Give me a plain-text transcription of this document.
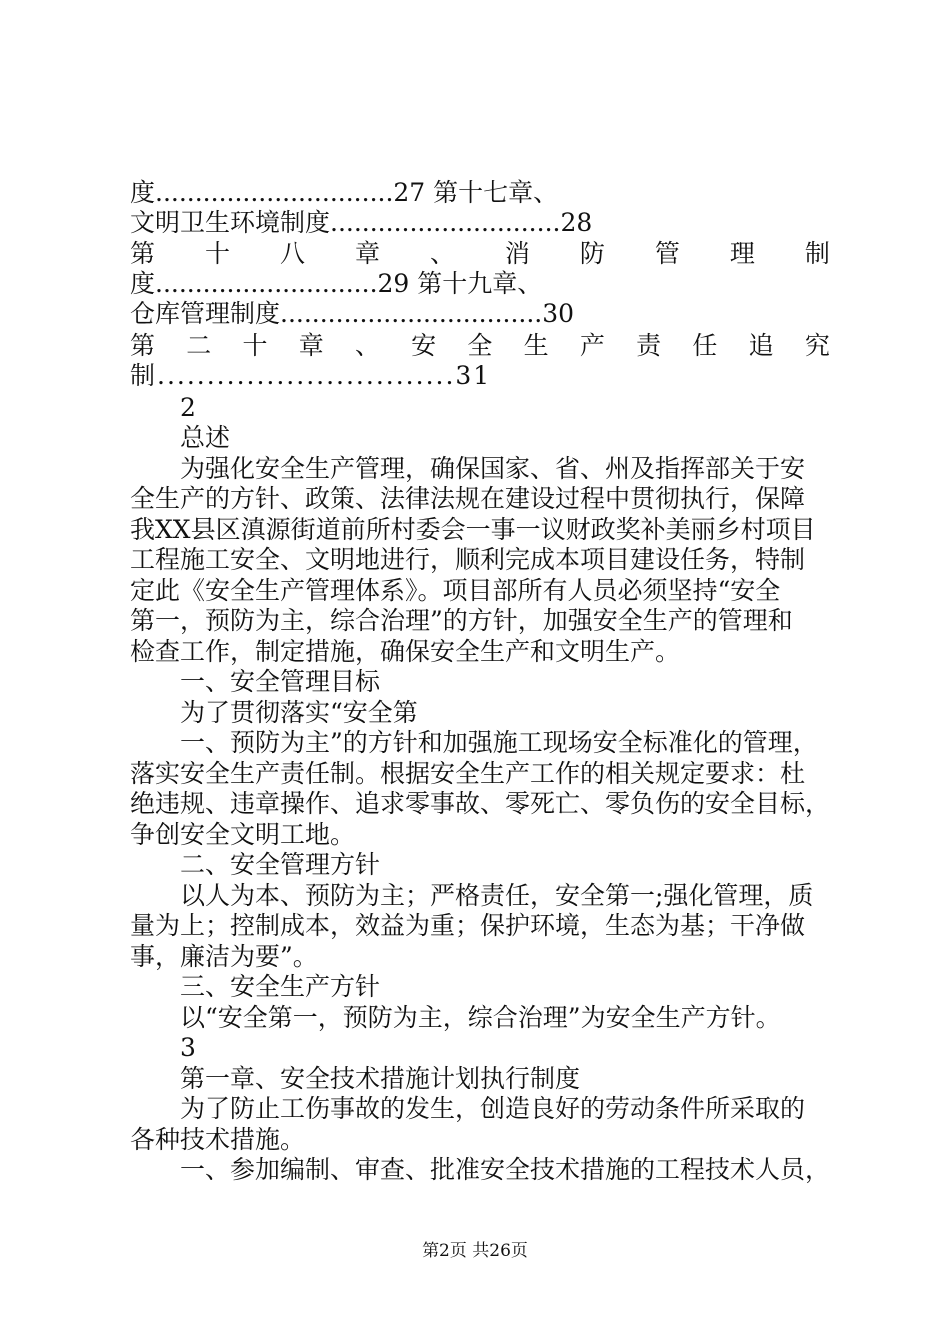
度..............................27 第十七章、
文明卫生环境制度.............................28
第 十 八 章 、 消 防 管 理 制
度............................29 第十九章、
仓库管理制度.................................30
第 二 十 章 、 安 全 生 产 责 任 追 究
制..............................31
2
总述
为强化安全生产管理，确保国家、省、州及指挥部关于安
全生产的方针、政策、法律法规在建设过程中贯彻执行，保障
我XX县区滇源街道前所村委会一事一议财政奖补美丽乡村项目
工程施工安全、文明地进行，顺利完成本项目建设任务，特制
定此《安全生产管理体系》。项目部所有人员必须坚持“安全
第一，预防为主，综合治理”的方针，加强安全生产的管理和
检查工作，制定措施，确保安全生产和文明生产。
一、安全管理目标
为了贯彻落实“安全第
一、预防为主”的方针和加强施工现场安全标准化的管理，
落实安全生产责任制。根据安全生产工作的相关规定要求：杜
绝违规、违章操作、追求零事故、零死亡、零负伤的安全目标，
争创安全文明工地。
二、安全管理方针
以人为本、预防为主；严格责任，安全第一;强化管理，质
量为上；控制成本，效益为重；保护环境，生态为基；干净做
事，廉洁为要”。
三、安全生产方针
以“安全第一，预防为主，综合治理”为安全生产方针。
3
第一章、安全技术措施计划执行制度
为了防止工伤事故的发生，创造良好的劳动条件所采取的
各种技术措施。
一、参加编制、审查、批准安全技术措施的工程技术人员，
第2页 共26页
